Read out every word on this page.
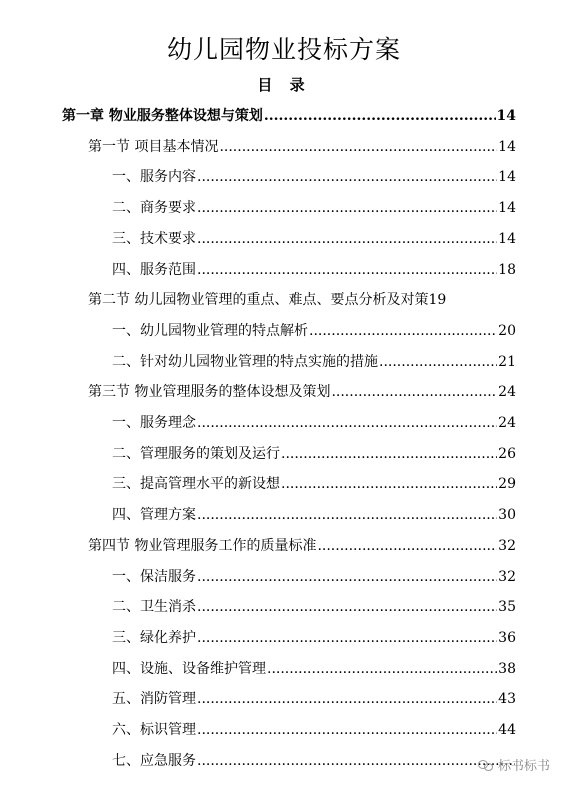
幼儿园物业投标方案
目 录
第一章 物业服务整体设想与策划 .....	14
第一节 项目基本情况 .....	14
一、服务内容 .....	14
二、商务要求 .....	14
三、技术要求 .....	14
四、服务范围 .....	18
第二节 幼儿园物业管理的重点、难点、要点分析及对策 19
一、幼儿园物业管理的特点解析 .....	20
二、针对幼儿园物业管理的特点实施的措施 .....	21
第三节 物业管理服务的整体设想及策划 .....	24
一、服务理念 .....	24
二、管理服务的策划及运行 .....	26
三、提高管理水平的新设想 .....	29
四、管理方案 .....	30
第四节 物业管理服务工作的质量标准 .....	32
一、保洁服务 .....	32
二、卫生消杀 .....	35
三、绿化养护 .....	36
四、设施、设备维护管理 .....	38
五、消防管理 .....	43
六、标识管理 .....	44
七、应急服务 .....	标书标书
